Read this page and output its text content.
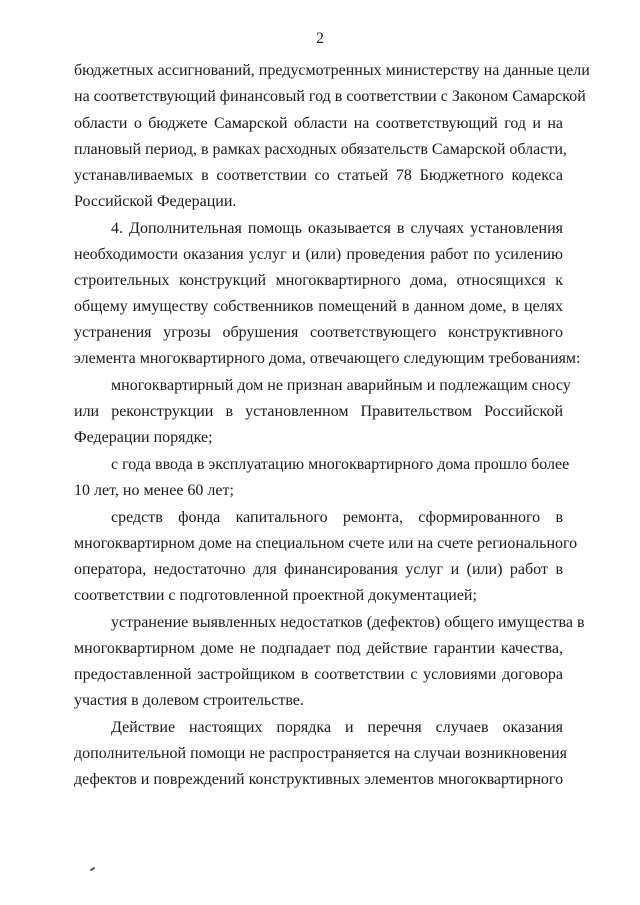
2

бюджетных ассигнований, предусмотренных министерству на данные цели

на соответствующий финансовый год в соответствии с Законом Самарской

области о бюджете Самарской области на соответствующий год и на

плановый период, в рамках расходных обязательств Самарской области,

устанавливаемых в соответствии со статьей 78 Бюджетного кодекса

Российской Федерации.

4. Дополнительная помощь оказывается в случаях установления

необходимости оказания услуг и (или) проведения работ по усилению

строительных конструкций многоквартирного дома, относящихся к

общему имуществу собственников помещений в данном доме, в целях

устранения угрозы обрушения соответствующего конструктивного

элемента многоквартирного дома, отвечающего следующим требованиям:

многоквартирный дом не признан аварийным и подлежащим сносу

или реконструкции в установленном Правительством Российской

Федерации порядке;

с года ввода в эксплуатацию многоквартирного дома прошло более

10 лет, но менее 60 лет;

средств фонда капитального ремонта, сформированного в

многоквартирном доме на специальном счете или на счете регионального

оператора, недостаточно для финансирования услуг и (или) работ в

соответствии с подготовленной проектной документацией;

устранение выявленных недостатков (дефектов) общего имущества в

многоквартирном доме не подпадает под действие гарантии качества,

предоставленной застройщиком в соответствии с условиями договора

участия в долевом строительстве.

Действие настоящих порядка и перечня случаев оказания

дополнительной помощи не распространяется на случаи возникновения

дефектов и повреждений конструктивных элементов многоквартирного
